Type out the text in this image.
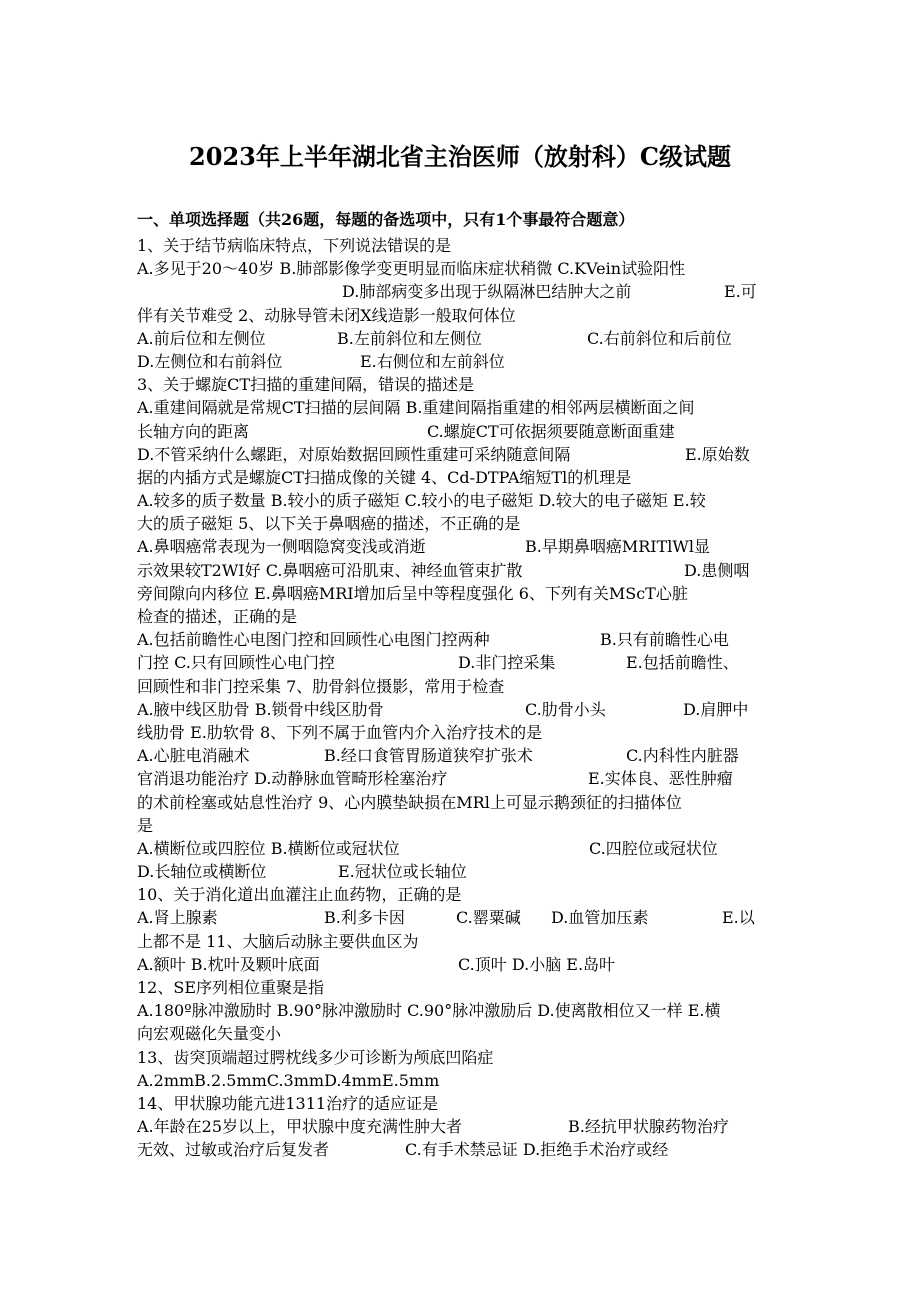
2023年上半年湖北省主治医师（放射科）C级试题
一、单项选择题（共26题，每题的备选项中，只有1个事最符合题意）
1、关于结节病临床特点，下列说法错误的是
A.多见于20～40岁 B.肺部影像学变更明显而临床症状稍微 C.KVein试验阳性
D.肺部病变多出现于纵隔淋巴结肿大之前	E.可
伴有关节难受 2、动脉导管未闭X线造影一般取何体位
A.前后位和左侧位	B.左前斜位和左侧位	C.右前斜位和后前位
D.左侧位和右前斜位	E.右侧位和左前斜位
3、关于螺旋CT扫描的重建间隔，错误的描述是
A.重建间隔就是常规CT扫描的层间隔 B.重建间隔指重建的相邻两层横断面之间
长轴方向的距离	C.螺旋CT可依据须要随意断面重建
D.不管采纳什么螺距，对原始数据回顾性重建可采纳随意间隔	E.原始数
据的内插方式是螺旋CT扫描成像的关键 4、Cd-DTPA缩短Tl的机理是
A.较多的质子数量 B.较小的质子磁矩 C.较小的电子磁矩 D.较大的电子磁矩 E.较
大的质子磁矩 5、以下关于鼻咽癌的描述，不正确的是
A.鼻咽癌常表现为一侧咽隐窝变浅或消逝	B.早期鼻咽癌MRITlWl显
示效果较T2WI好 C.鼻咽癌可沿肌束、神经血管束扩散	D.患侧咽
旁间隙向内移位 E.鼻咽癌MRI增加后呈中等程度强化 6、下列有关MScT心脏
检查的描述，正确的是
A.包括前瞻性心电图门控和回顾性心电图门控两种	B.只有前瞻性心电
门控 C.只有回顾性心电门控	D.非门控采集	E.包括前瞻性、
回顾性和非门控采集 7、肋骨斜位摄影，常用于检查
A.腋中线区肋骨 B.锁骨中线区肋骨	C.肋骨小头	D.肩胛中
线肋骨 E.肋软骨 8、下列不属于血管内介入治疗技术的是
A.心脏电消融术	B.经口食管胃肠道狭窄扩张术	C.内科性内脏器
官消退功能治疗 D.动静脉血管畸形栓塞治疗	E.实体良、恶性肿瘤
的术前栓塞或姑息性治疗 9、心内膜垫缺损在MRl上可显示鹅颈征的扫描体位
是
A.横断位或四腔位 B.横断位或冠状位	C.四腔位或冠状位
D.长轴位或横断位	E.冠状位或长轴位
10、关于消化道出血灌注止血药物，正确的是
A.肾上腺素	B.利多卡因	C.罂粟碱 D.血管加压素	E.以
上都不是 11、大脑后动脉主要供血区为
A.额叶 B.枕叶及颗叶底面	C.顶叶 D.小脑 E.岛叶
12、SE序列相位重聚是指
A.180º脉冲激励时 B.90°脉冲激励时 C.90°脉冲激励后 D.使离散相位又一样 E.横
向宏观磁化矢量变小
13、齿突顶端超过腭枕线多少可诊断为颅底凹陷症
A.2mmB.2.5mmC.3mmD.4mmE.5mm
14、甲状腺功能亢进1311治疗的适应证是
A.年龄在25岁以上，甲状腺中度充满性肿大者	B.经抗甲状腺药物治疗
无效、过敏或治疗后复发者	C.有手术禁忌证 D.拒绝手术治疗或经
